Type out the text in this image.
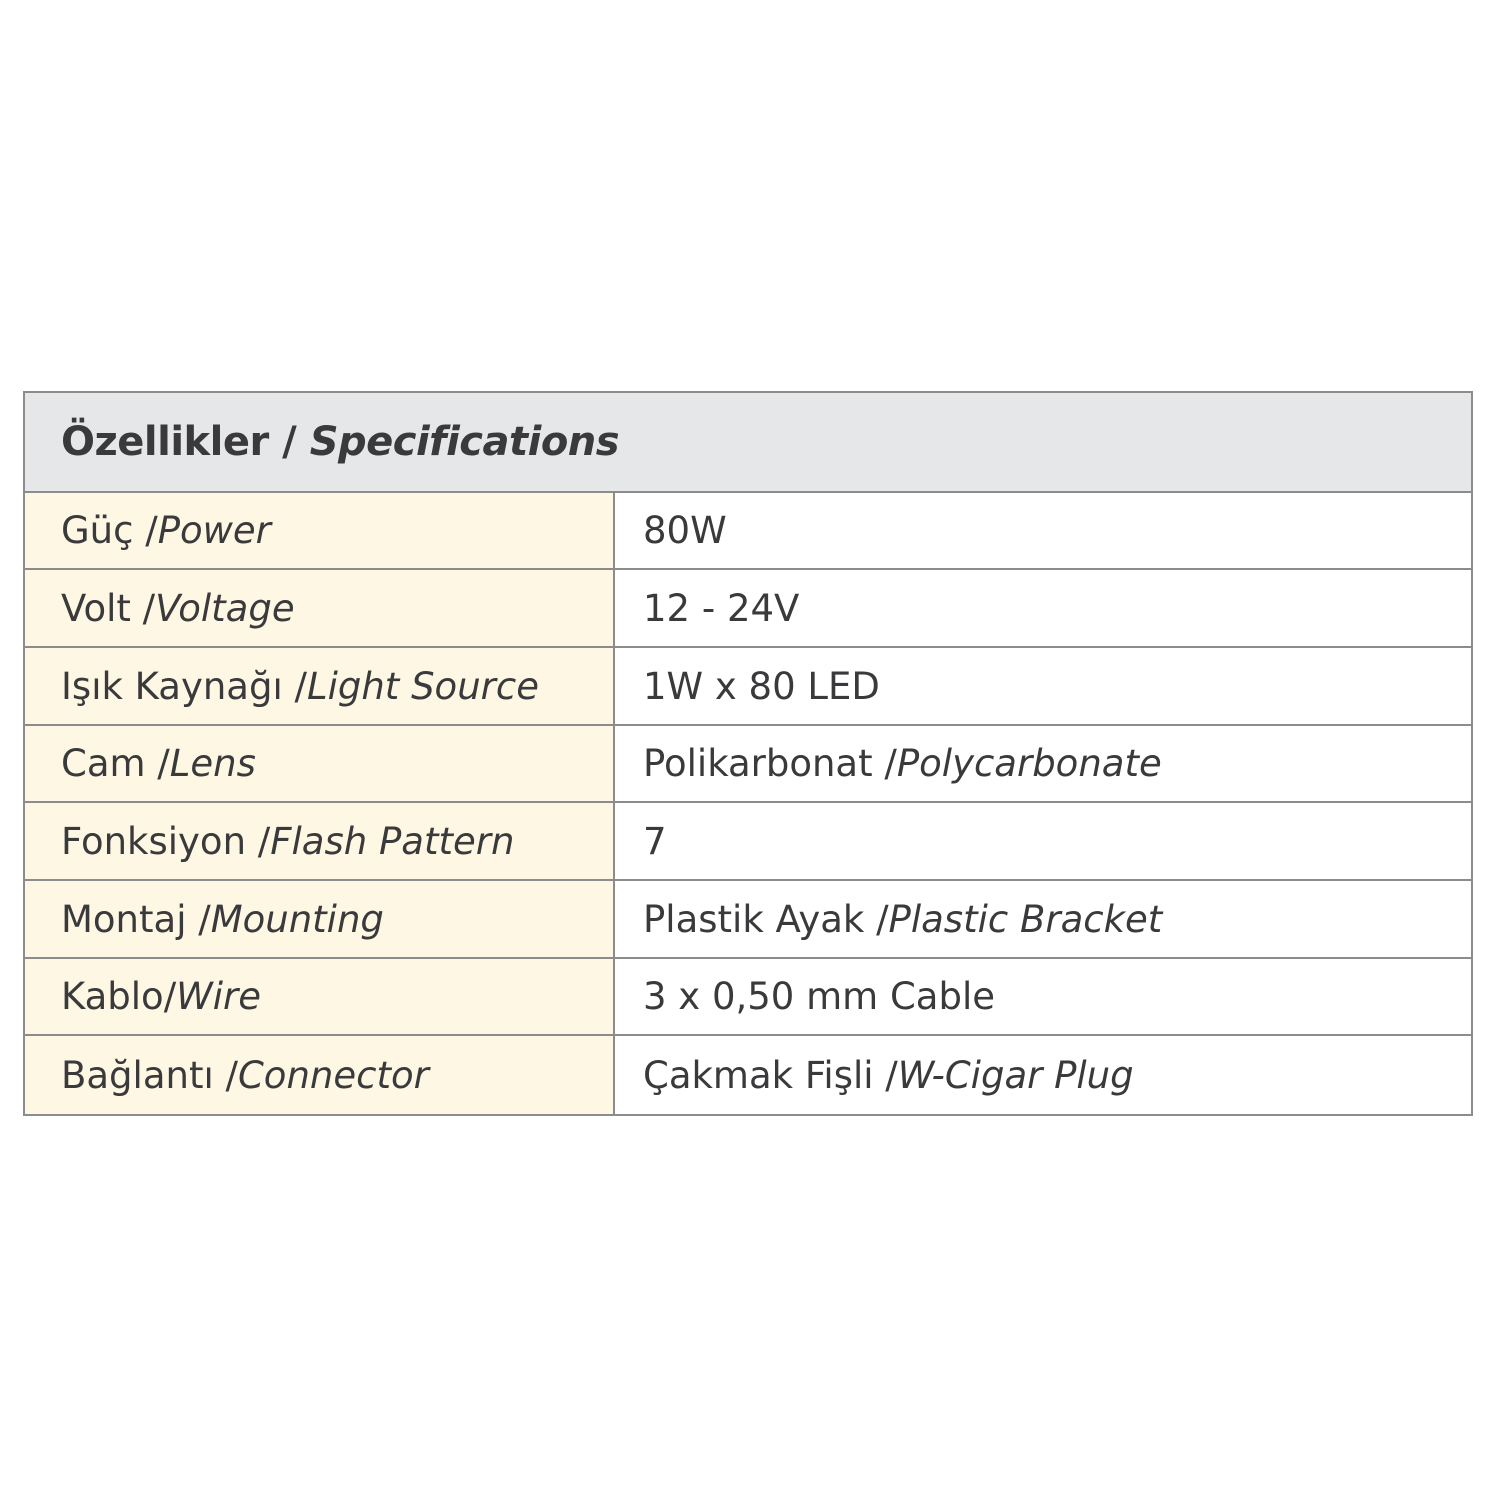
Özellikler / Specifications
Güç / Power	80W
Volt / Voltage	12 - 24V
Işık Kaynağı / Light Source	1W x 80 LED
Cam / Lens	Polikarbonat / Polycarbonate
Fonksiyon / Flash Pattern	7
Montaj / Mounting	Plastik Ayak / Plastic Bracket
Kablo/ Wire	3 x 0,50 mm Cable
Bağlantı / Connector	Çakmak Fişli / W-Cigar Plug
